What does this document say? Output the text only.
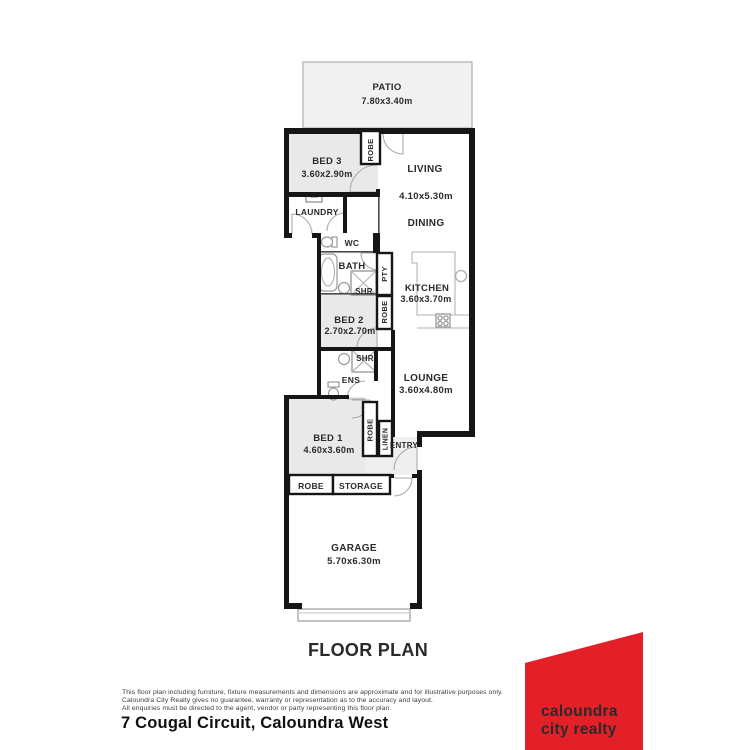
PATIO
7.80x3.40m
BED 3
3.60x2.90m
ROBE
LIVING
4.10x5.30m
DINING
LAUNDRY
WC
BATH
SHR
PTY
ROBE
KITCHEN
3.60x3.70m
BED 2
2.70x2.70m
SHR
ENS	LOUNGE
3.60x4.80m
BED 1
4.60x3.60m
ROBE LINEN ENTRY
ROBE STORAGE
GARAGE
5.70x6.30m
FLOOR PLAN
This floor plan including furniture, fixture measurements and dimensions are approximate and for illustrative purposes only.
Caloundra City Realty gives no guarantee, warranty or representation as to the accuracy and layout.
All enquiries must be directed to the agent, vendor or party representing this floor plan.
7 Cougal Circuit, Caloundra West
caloundra
city realty
